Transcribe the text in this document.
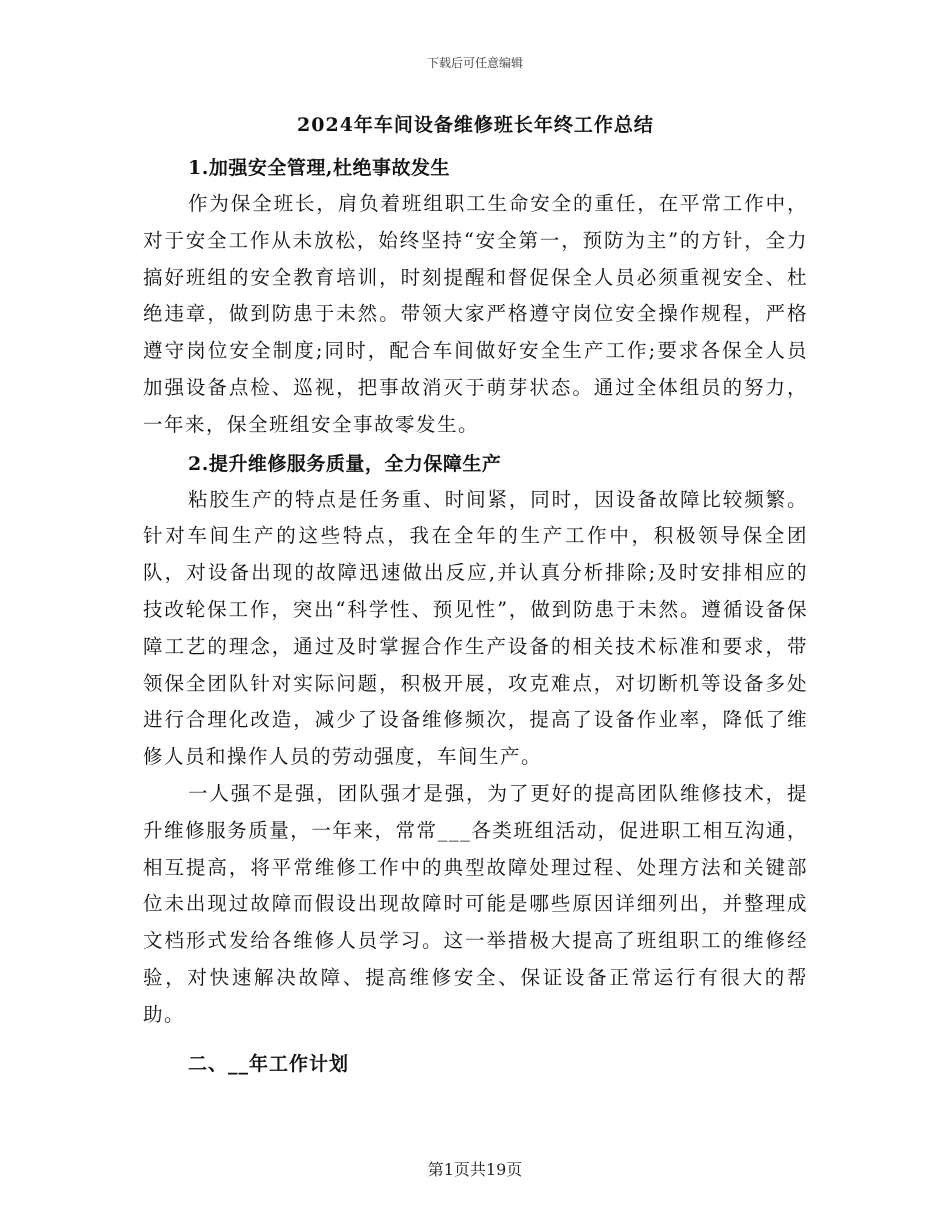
下载后可任意编辑
2024年车间设备维修班长年终工作总结
1.加强安全管理,杜绝事故发生

作为保全班长，肩负着班组职工生命安全的重任，在平常工作中，对于安全工作从未放松，始终坚持“安全第一，预防为主”的方针，全力搞好班组的安全教育培训，时刻提醒和督促保全人员必须重视安全、杜绝违章，做到防患于未然。带领大家严格遵守岗位安全操作规程，严格遵守岗位安全制度;同时，配合车间做好安全生产工作;要求各保全人员加强设备点检、巡视，把事故消灭于萌芽状态。通过全体组员的努力，一年来，保全班组安全事故零发生。

2.提升维修服务质量，全力保障生产

粘胶生产的特点是任务重、时间紧，同时，因设备故障比较频繁。针对车间生产的这些特点，我在全年的生产工作中，积极领导保全团队，对设备出现的故障迅速做出反应,并认真分析排除;及时安排相应的技改轮保工作，突出“科学性、预见性”，做到防患于未然。遵循设备保障工艺的理念，通过及时掌握合作生产设备的相关技术标准和要求，带领保全团队针对实际问题，积极开展，攻克难点，对切断机等设备多处进行合理化改造，减少了设备维修频次，提高了设备作业率，降低了维修人员和操作人员的劳动强度，车间生产。

一人强不是强，团队强才是强，为了更好的提高团队维修技术，提升维修服务质量，一年来，常常___各类班组活动，促进职工相互沟通，相互提高，将平常维修工作中的典型故障处理过程、处理方法和关键部位未出现过故障而假设出现故障时可能是哪些原因详细列出，并整理成文档形式发给各维修人员学习。这一举措极大提高了班组职工的维修经验，对快速解决故障、提高维修安全、保证设备正常运行有很大的帮助。

二、__年工作计划
第1页共19页
